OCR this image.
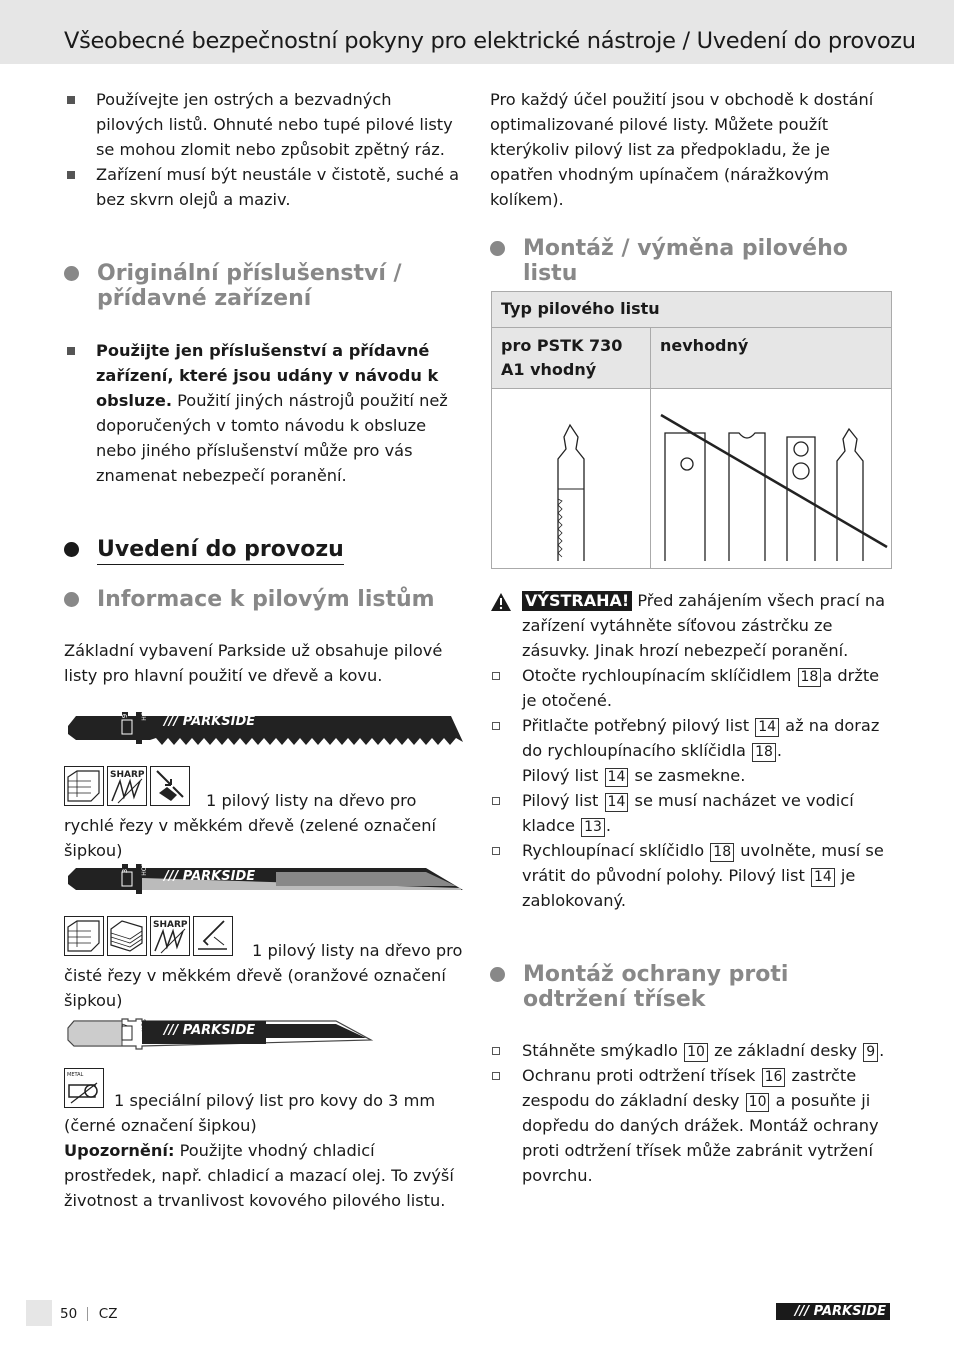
Všeobecné bezpečnostní pokyny pro elektrické nástroje / Uvedení do provozu
Používejte jen ostrých a bezvadných pilových listů. Ohnuté nebo tupé pilové listy se mohou zlomit nebo způsobit zpětný ráz.
Zařízení musí být neustále v čistotě, suché a bez skvrn olejů a maziv.
Originální příslušenství / přídavné zařízení
Použijte jen příslušenství a přídavné zařízení, které jsou udány v návodu k obsluze. Použití jiných nástrojů použití než doporučených v tomto návodu k obsluze nebo jiného příslušenství může pro vás znamenat nebezpečí poranění.
Uvedení do provozu
Informace k pilovým listům

Základní vybavení Parkside už obsahuje pilové listy pro hlavní použití ve dřevě a kovu.

9 HCS /// PARKSIDE
SHARP

1 pilový listy na dřevo pro rychlé řezy v měkkém dřevě (zelené označení šipkou)

3 HCS /// PARKSIDE
SHARP

1 pilový listy na dřevo pro čisté řezy v měkkém dřevě (oranžové označení šipkou)

7 HCS /// PARKSIDE
METAL

1 speciální pilový list pro kovy do 3 mm (černé označení šipkou)

Upozornění: Použijte vhodný chladicí prostředek, např. chladicí a mazací olej. To zvýší životnost a trvanlivost kovového pilového listu.

Pro každý účel použití jsou v obchodě k dostání optimalizované pilové listy. Můžete použít kterýkoliv pilový list za předpokladu, že je opatřen vhodným upínačem (náražkovým kolíkem).

Montáž / výměna pilového listu
Typ pilového listu	
pro PSTK 730 A1 vhodný	nevhodný

VÝSTRAHA! Před zahájením všech prací na zařízení vytáhněte síťovou zástrčku ze zásuvky. Jinak hrozí nebezpečí poranění.
Otočte rychloupínacím sklíčidlem 18 a držte je otočené.
Přitlačte potřebný pilový list 14 až na doraz do rychloupínacího sklíčidla 18 .
Pilový list 14 se zasmekne.
Pilový list 14 se musí nacházet ve vodicí kladce 13 .
Rychloupínací sklíčidlo 18 uvolněte, musí se vrátit do původní polohy. Pilový list 14 je zablokovaný.
Montáž ochrany proti odtržení třísek
Stáhněte smýkadlo 10 ze základní desky 9 .
Ochranu proti odtržení třísek 16 zastrčte zespodu do základní desky 10 a posuňte ji dopředu do daných drážek. Montáž ochrany proti odtržení třísek může zabránit vytržení povrchu.
50 CZ	/// PARKSIDE
